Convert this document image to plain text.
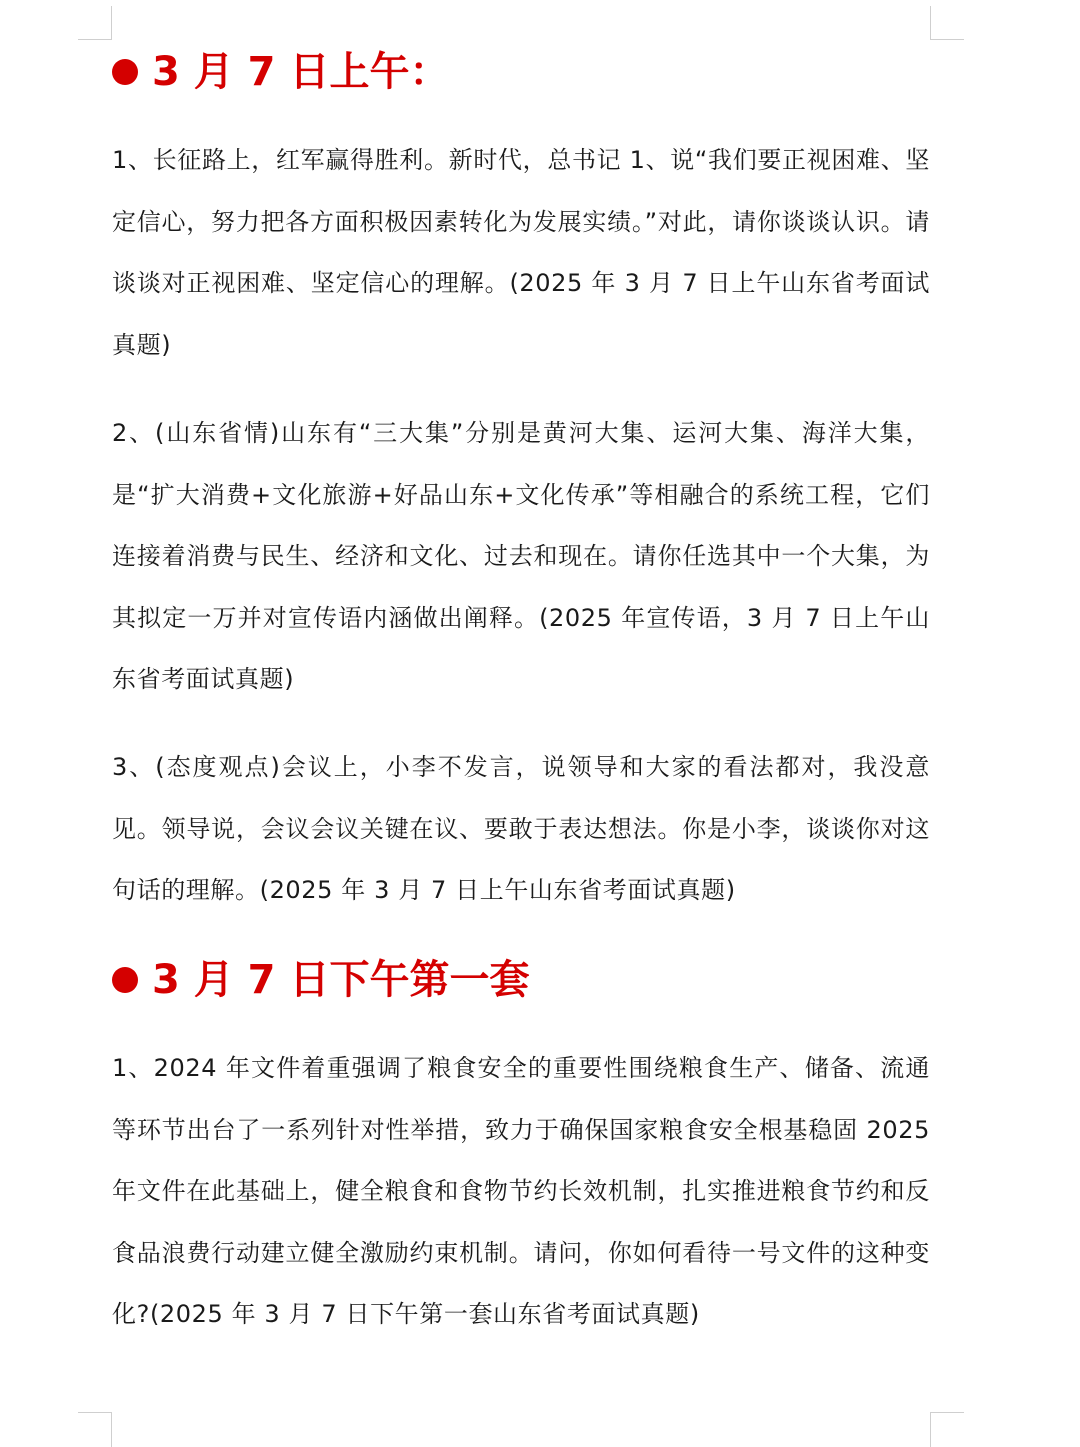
3 月 7 日上午：

1、长征路上，红军赢得胜利。新时代，总书记 1、说“我们要正视困难、坚定信心，努力把各方面积极因素转化为发展实绩。”对此，请你谈谈认识。请谈谈对正视困难、坚定信心的理解。(2025 年 3 月 7 日上午山东省考面试真题)

2、(山东省情)山东有“三大集”分别是黄河大集、运河大集、海洋大集，是“扩大消费+文化旅游+好品山东+文化传承”等相融合的系统工程，它们连接着消费与民生、经济和文化、过去和现在。请你任选其中一个大集，为其拟定一万并对宣传语内涵做出阐释。(2025 年宣传语，3 月 7 日上午山东省考面试真题)

3、(态度观点)会议上，小李不发言，说领导和大家的看法都对，我没意见。领导说，会议会议关键在议、要敢于表达想法。你是小李，谈谈你对这句话的理解。(2025 年 3 月 7 日上午山东省考面试真题)

3 月 7 日下午第一套

1、2024 年文件着重强调了粮食安全的重要性围绕粮食生产、储备、流通等环节出台了一系列针对性举措，致力于确保国家粮食安全根基稳固 2025 年文件在此基础上，健全粮食和食物节约长效机制，扎实推进粮食节约和反食品浪费行动建立健全激励约束机制。请问，你如何看待一号文件的这种变化?(2025 年 3 月 7 日下午第一套山东省考面试真题)
